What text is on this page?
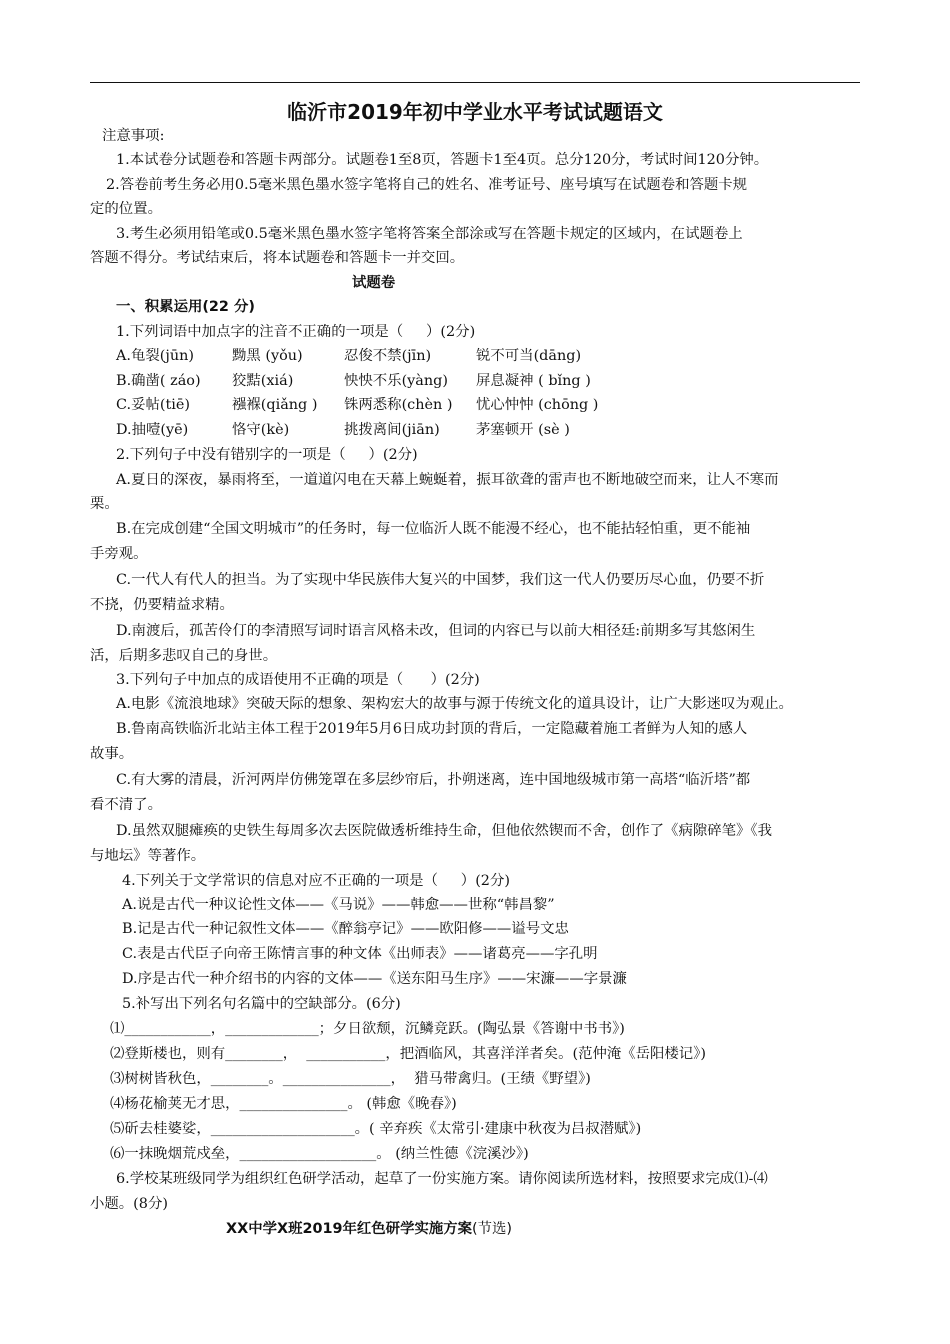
临沂市2019年初中学业水平考试试题语文
注意事项:
1.本试卷分试题卷和答题卡两部分。试题卷1至8页，答题卡1至4页。总分120分，考试时间120分钟。
2.答卷前考生务必用0.5毫米黑色墨水签字笔将自己的姓名、准考证号、座号填写在试题卷和答题卡规
定的位置。
3.考生必须用铅笔或0.5毫米黑色墨水签字笔将答案全部涂或写在答题卡规定的区域内，在试题卷上
答题不得分。考试结束后，将本试题卷和答题卡一并交回。
试题卷
一、积累运用(22 分)
1.下列词语中加点字的注音不正确的一项是（     ）(2分)
A.龟裂(jūn)	黝黑 (yǒu)	忍俊不禁(jīn)	锐不可当(dāng)
B.确凿( záo) 狡黠(xiá)	怏怏不乐(yàng) 屏息凝神 ( bǐng )
C.妥帖(tiē)	襁褓(qiǎng ) 铢两悉称(chèn ) 忧心忡忡 (chōng )
D.抽噎(yē)	恪守(kè)	挑拨离间(jiān)	茅塞顿开 (sè )
2.下列句子中没有错别字的一项是（     ）(2分)
A.夏日的深夜，暴雨将至，一道道闪电在天幕上蜿蜒着，振耳欲聋的雷声也不断地破空而来，让人不寒而
栗。
B.在完成创建“全国文明城市”的任务时，每一位临沂人既不能漫不经心，也不能拈轻怕重，更不能袖
手旁观。
C.一代人有代人的担当。为了实现中华民族伟大复兴的中国梦，我们这一代人仍要历尽心血，仍要不折
不挠，仍要精益求精。
D.南渡后，孤苦伶仃的李清照写词时语言风格未改，但词的内容已与以前大相径廷:前期多写其悠闲生
活，后期多悲叹自己的身世。
3.下列句子中加点的成语使用不正确的项是（      ）(2分)
A.电影《流浪地球》突破天际的想象、架构宏大的故事与源于传统文化的道具设计，让广大影迷叹为观止。
B.鲁南高铁临沂北站主体工程于2019年5月6日成功封顶的背后，一定隐藏着施工者鲜为人知的感人
故事。
C.有大雾的清晨，沂河两岸仿佛笼罩在多层纱帘后，扑朔迷离，连中国地级城市第一高塔“临沂塔”都
看不清了。
D.虽然双腿瘫痪的史铁生每周多次去医院做透析维持生命，但他依然锲而不舍，创作了《病隙碎笔》《我
与地坛》等著作。
4.下列关于文学常识的信息对应不正确的一项是（     ）(2分)
A.说是古代一种议论性文体——《马说》——韩愈——世称“韩昌黎”
B.记是古代一种记叙性文体——《醉翁亭记》——欧阳修——谥号文忠
C.表是古代臣子向帝王陈情言事的种文体《出师表》——诸葛亮——字孔明
D.序是古代一种介绍书的内容的文体——《送东阳马生序》——宋濂——字景濂
5.补写出下列名句名篇中的空缺部分。(6分)
⑴____________，_____________；夕日欲颓，沉鳞竞跃。(陶弘景《答谢中书书》)
⑵登斯楼也，则有________，  ___________，把酒临风，其喜洋洋者矣。(范仲淹《岳阳楼记》)
⑶树树皆秋色，________。_______________，  猎马带禽归。(王绩《野望》)
⑷杨花榆荚无才思，_______________。 (韩愈《晚春》)
⑸斫去桂婆娑，____________________。( 辛弃疾《太常引·建康中秋夜为吕叔潜赋》)
⑹一抹晚烟荒戍垒，___________________。 (纳兰性德《浣溪沙》)
6.学校某班级同学为组织红色研学活动，起草了一份实施方案。请你阅读所选材料，按照要求完成⑴-⑷
小题。(8分)
XX中学X班2019年红色研学实施方案(节选)
